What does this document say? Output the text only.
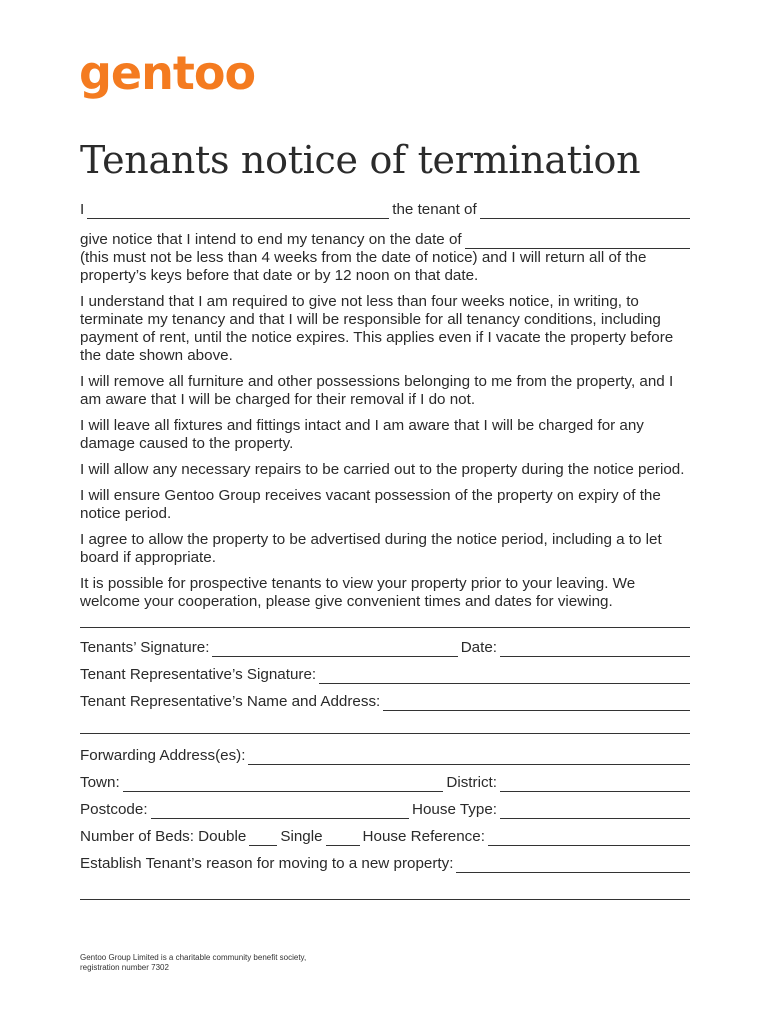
gentoo
Tenants notice of termination
I	the tenant of
give notice that I intend to end my tenancy on the date of

(this must not be less than 4 weeks from the date of notice) and I will return all of the property’s keys before that date or by 12 noon on that date.

I understand that I am required to give not less than four weeks notice, in writing, to terminate my tenancy and that I will be responsible for all tenancy conditions, including payment of rent, until the notice expires. This applies even if I vacate the property before the date shown above.

I will remove all furniture and other possessions belonging to me from the property, and I am aware that I will be charged for their removal if I do not.

I will leave all fixtures and fittings intact and I am aware that I will be charged for any damage caused to the property.

I will allow any necessary repairs to be carried out to the property during the notice period.

I will ensure Gentoo Group receives vacant possession of the property on expiry of the notice period.

I agree to allow the property to be advertised during the notice period, including a to let board if appropriate.

It is possible for prospective tenants to view your property prior to your leaving. We welcome your cooperation, please give convenient times and dates for viewing.

Tenants’ Signature:	Date:
Tenant Representative’s Signature:
Tenant Representative’s Name and Address:
Forwarding Address(es):
Town:	District:
Postcode:	House Type:
Number of Beds: Double Single	House Reference:
Establish Tenant’s reason for moving to a new property:
Gentoo Group Limited is a charitable community benefit society,
registration number 7302
